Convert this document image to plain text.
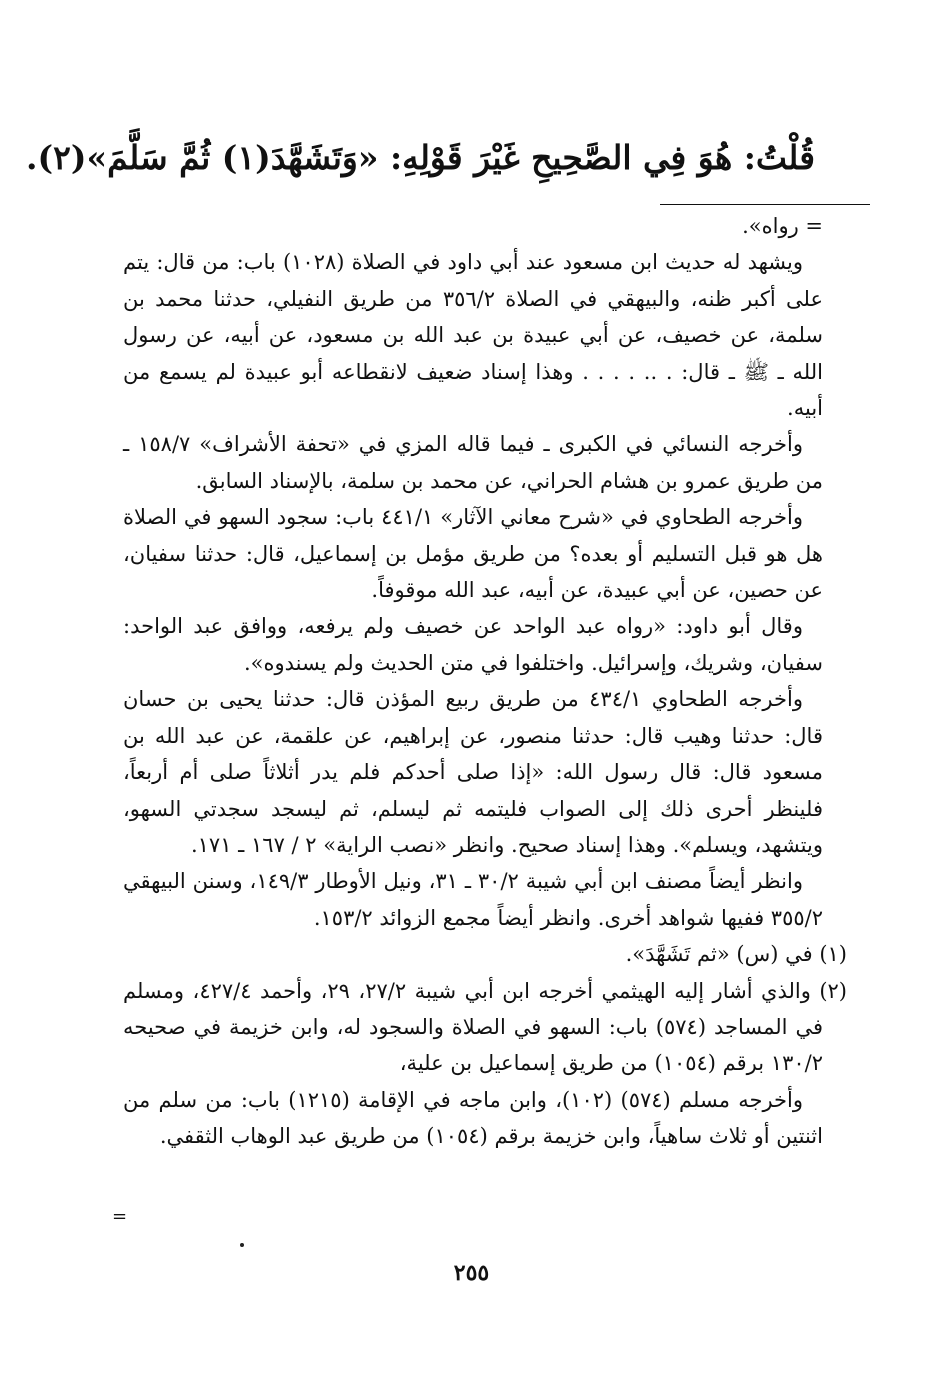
قُلْتُ: هُوَ فِي الصَّحِيحِ غَيْرَ قَوْلِهِ: «وَتَشَهَّدَ(١) ثُمَّ سَلَّمَ»(٢).

= رواه».

ويشهد له حديث ابن مسعود عند أبي داود في الصلاة (١٠٢٨) باب: من قال: يتم على أكبر ظنه، والبيهقي في الصلاة ٣٥٦/٢ من طريق النفيلي، حدثنا محمد بن سلمة، عن خصيف، عن أبي عبيدة بن عبد الله بن مسعود، عن أبيه، عن رسول الله ـ ﷺ ـ قال: . .. . . . . وهذا إسناد ضعيف لانقطاعه أبو عبيدة لم يسمع من أبيه.

وأخرجه النسائي في الكبرى ـ فيما قاله المزي في «تحفة الأشراف» ١٥٨/٧ ـ من طريق عمرو بن هشام الحراني، عن محمد بن سلمة، بالإسناد السابق.

وأخرجه الطحاوي في «شرح معاني الآثار» ٤٤١/١ باب: سجود السهو في الصلاة هل هو قبل التسليم أو بعده؟ من طريق مؤمل بن إسماعيل، قال: حدثنا سفيان، عن حصين، عن أبي عبيدة، عن أبيه، عبد الله موقوفاً.

وقال أبو داود: «رواه عبد الواحد عن خصيف ولم يرفعه، ووافق عبد الواحد: سفيان، وشريك، وإسرائيل. واختلفوا في متن الحديث ولم يسندوه».

وأخرجه الطحاوي ٤٣٤/١ من طريق ربيع المؤذن قال: حدثنا يحيى بن حسان قال: حدثنا وهيب قال: حدثنا منصور، عن إبراهيم، عن علقمة، عن عبد الله بن مسعود قال: قال رسول الله: «إذا صلى أحدكم فلم يدر أثلاثاً صلى أم أربعاً، فلينظر أحرى ذلك إلى الصواب فليتمه ثم ليسلم، ثم ليسجد سجدتي السهو، ويتشهد، ويسلم». وهذا إسناد صحيح. وانظر «نصب الراية» ٢ / ١٦٧ ـ ١٧١.

وانظر أيضاً مصنف ابن أبي شيبة ٣٠/٢ ـ ٣١، ونيل الأوطار ١٤٩/٣، وسنن البيهقي ٣٥٥/٢ ففيها شواهد أخرى. وانظر أيضاً مجمع الزوائد ١٥٣/٢.

(١) في (س) «ثم تَشَهَّدَ».

(٢) والذي أشار إليه الهيثمي أخرجه ابن أبي شيبة ٢٧/٢، ٢٩، وأحمد ٤٢٧/٤، ومسلم في المساجد (٥٧٤) باب: السهو في الصلاة والسجود له، وابن خزيمة في صحيحه ١٣٠/٢ برقم (١٠٥٤) من طريق إسماعيل بن علية،

وأخرجه مسلم (٥٧٤) (١٠٢)، وابن ماجه في الإقامة (١٢١٥) باب: من سلم من اثنتين أو ثلاث ساهياً، وابن خزيمة برقم (١٠٥٤) من طريق عبد الوهاب الثقفي.

=
٢٥٥
